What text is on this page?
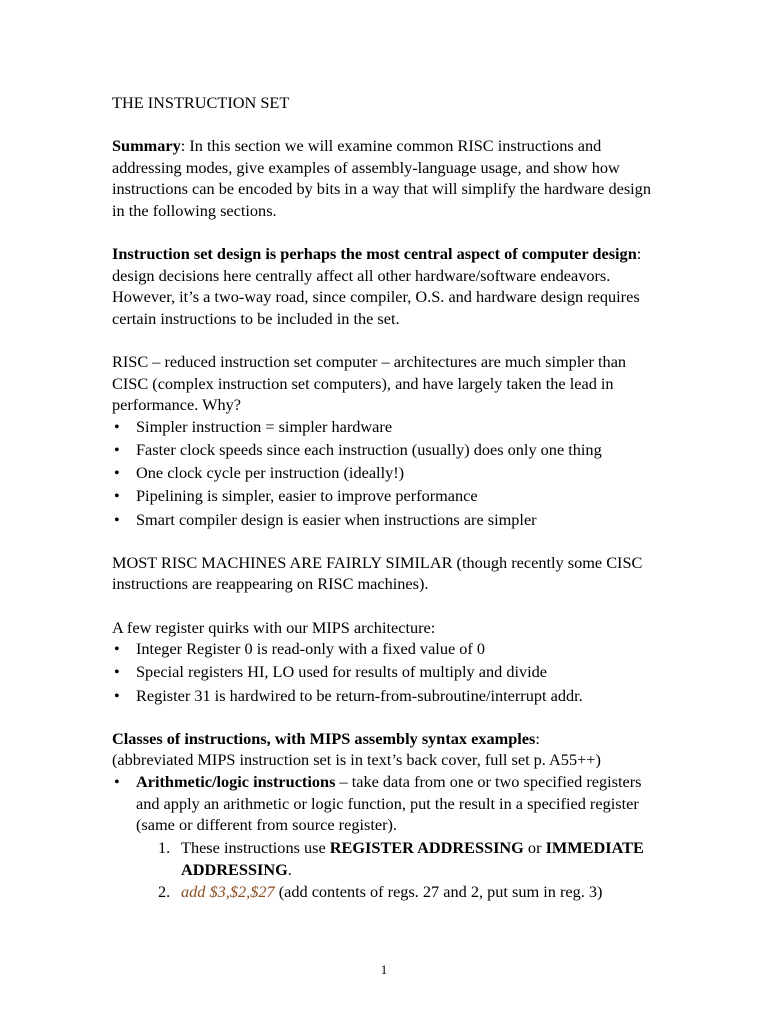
THE INSTRUCTION SET

Summary: In this section we will examine common RISC instructions and addressing modes, give examples of assembly-language usage, and show how instructions can be encoded by bits in a way that will simplify the hardware design in the following sections.

Instruction set design is perhaps the most central aspect of computer design: design decisions here centrally affect all other hardware/software endeavors. However, it’s a two-way road, since compiler, O.S. and hardware design requires certain instructions to be included in the set.

RISC – reduced instruction set computer – architectures are much simpler than CISC (complex instruction set computers), and have largely taken the lead in performance. Why?
• Simpler instruction = simpler hardware
• Faster clock speeds since each instruction (usually) does only one thing
• One clock cycle per instruction (ideally!)
• Pipelining is simpler, easier to improve performance
• Smart compiler design is easier when instructions are simpler

MOST RISC MACHINES ARE FAIRLY SIMILAR (though recently some CISC instructions are reappearing on RISC machines).

A few register quirks with our MIPS architecture:
• Integer Register 0 is read-only with a fixed value of 0
• Special registers HI, LO used for results of multiply and divide
• Register 31 is hardwired to be return-from-subroutine/interrupt addr.
Classes of instructions, with MIPS assembly syntax examples:
(abbreviated MIPS instruction set is in text’s back cover, full set p. A55++)
• Arithmetic/logic instructions – take data from one or two specified registers and apply an arithmetic or logic function, put the result in a specified register (same or different from source register).
1. These instructions use REGISTER ADDRESSING or IMMEDIATE ADDRESSING.
2. add $3,$2,$27 (add contents of regs. 27 and 2, put sum in reg. 3)
1
